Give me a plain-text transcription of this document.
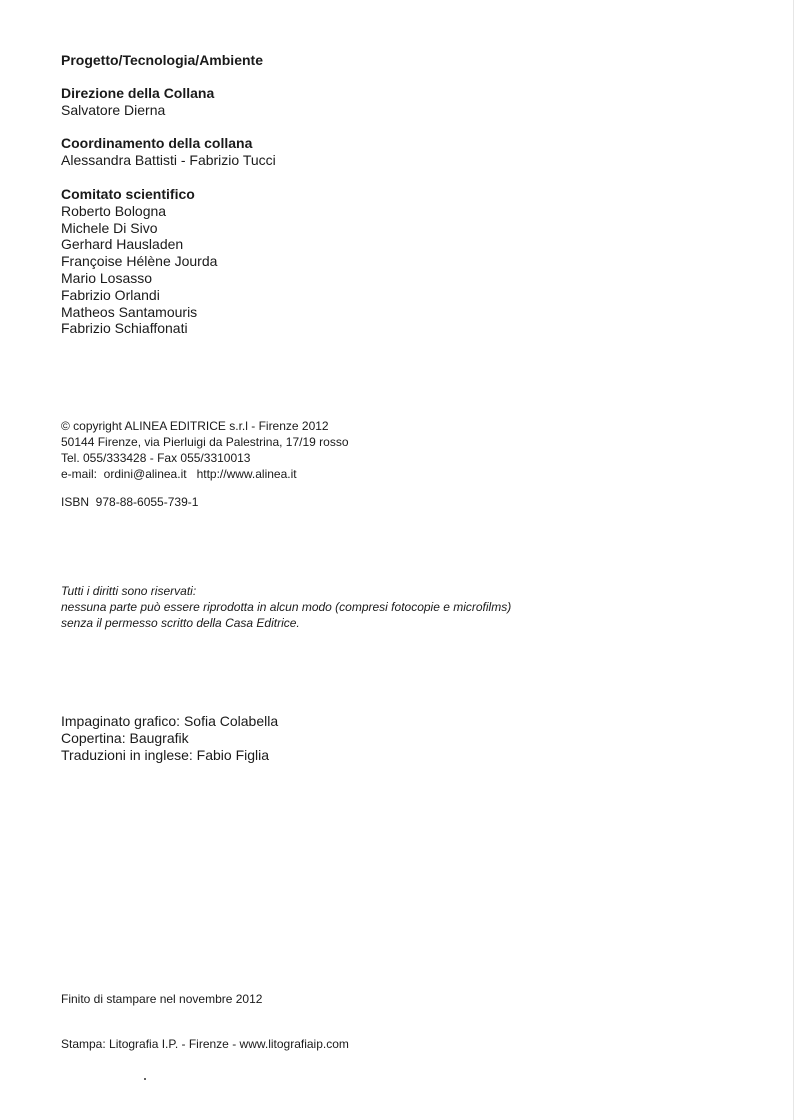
Progetto/Tecnologia/Ambiente
Direzione della Collana
Salvatore Dierna
Coordinamento della collana
Alessandra Battisti - Fabrizio Tucci
Comitato scientifico
Roberto Bologna
Michele Di Sivo
Gerhard Hausladen
Françoise Hélène Jourda
Mario Losasso
Fabrizio Orlandi
Matheos Santamouris
Fabrizio Schiaffonati
© copyright ALINEA EDITRICE s.r.l - Firenze 2012
50144 Firenze, via Pierluigi da Palestrina, 17/19 rosso
Tel. 055/333428 - Fax 055/3310013
e-mail:  ordini@alinea.it   http://www.alinea.it
ISBN  978-88-6055-739-1
Tutti i diritti sono riservati:
nessuna parte può essere riprodotta in alcun modo (compresi fotocopie e microfilms)
senza il permesso scritto della Casa Editrice.
Impaginato grafico: Sofia Colabella
Copertina: Baugrafik
Traduzioni in inglese: Fabio Figlia
Finito di stampare nel novembre 2012
Stampa: Litografia I.P. - Firenze - www.litografiaip.com
